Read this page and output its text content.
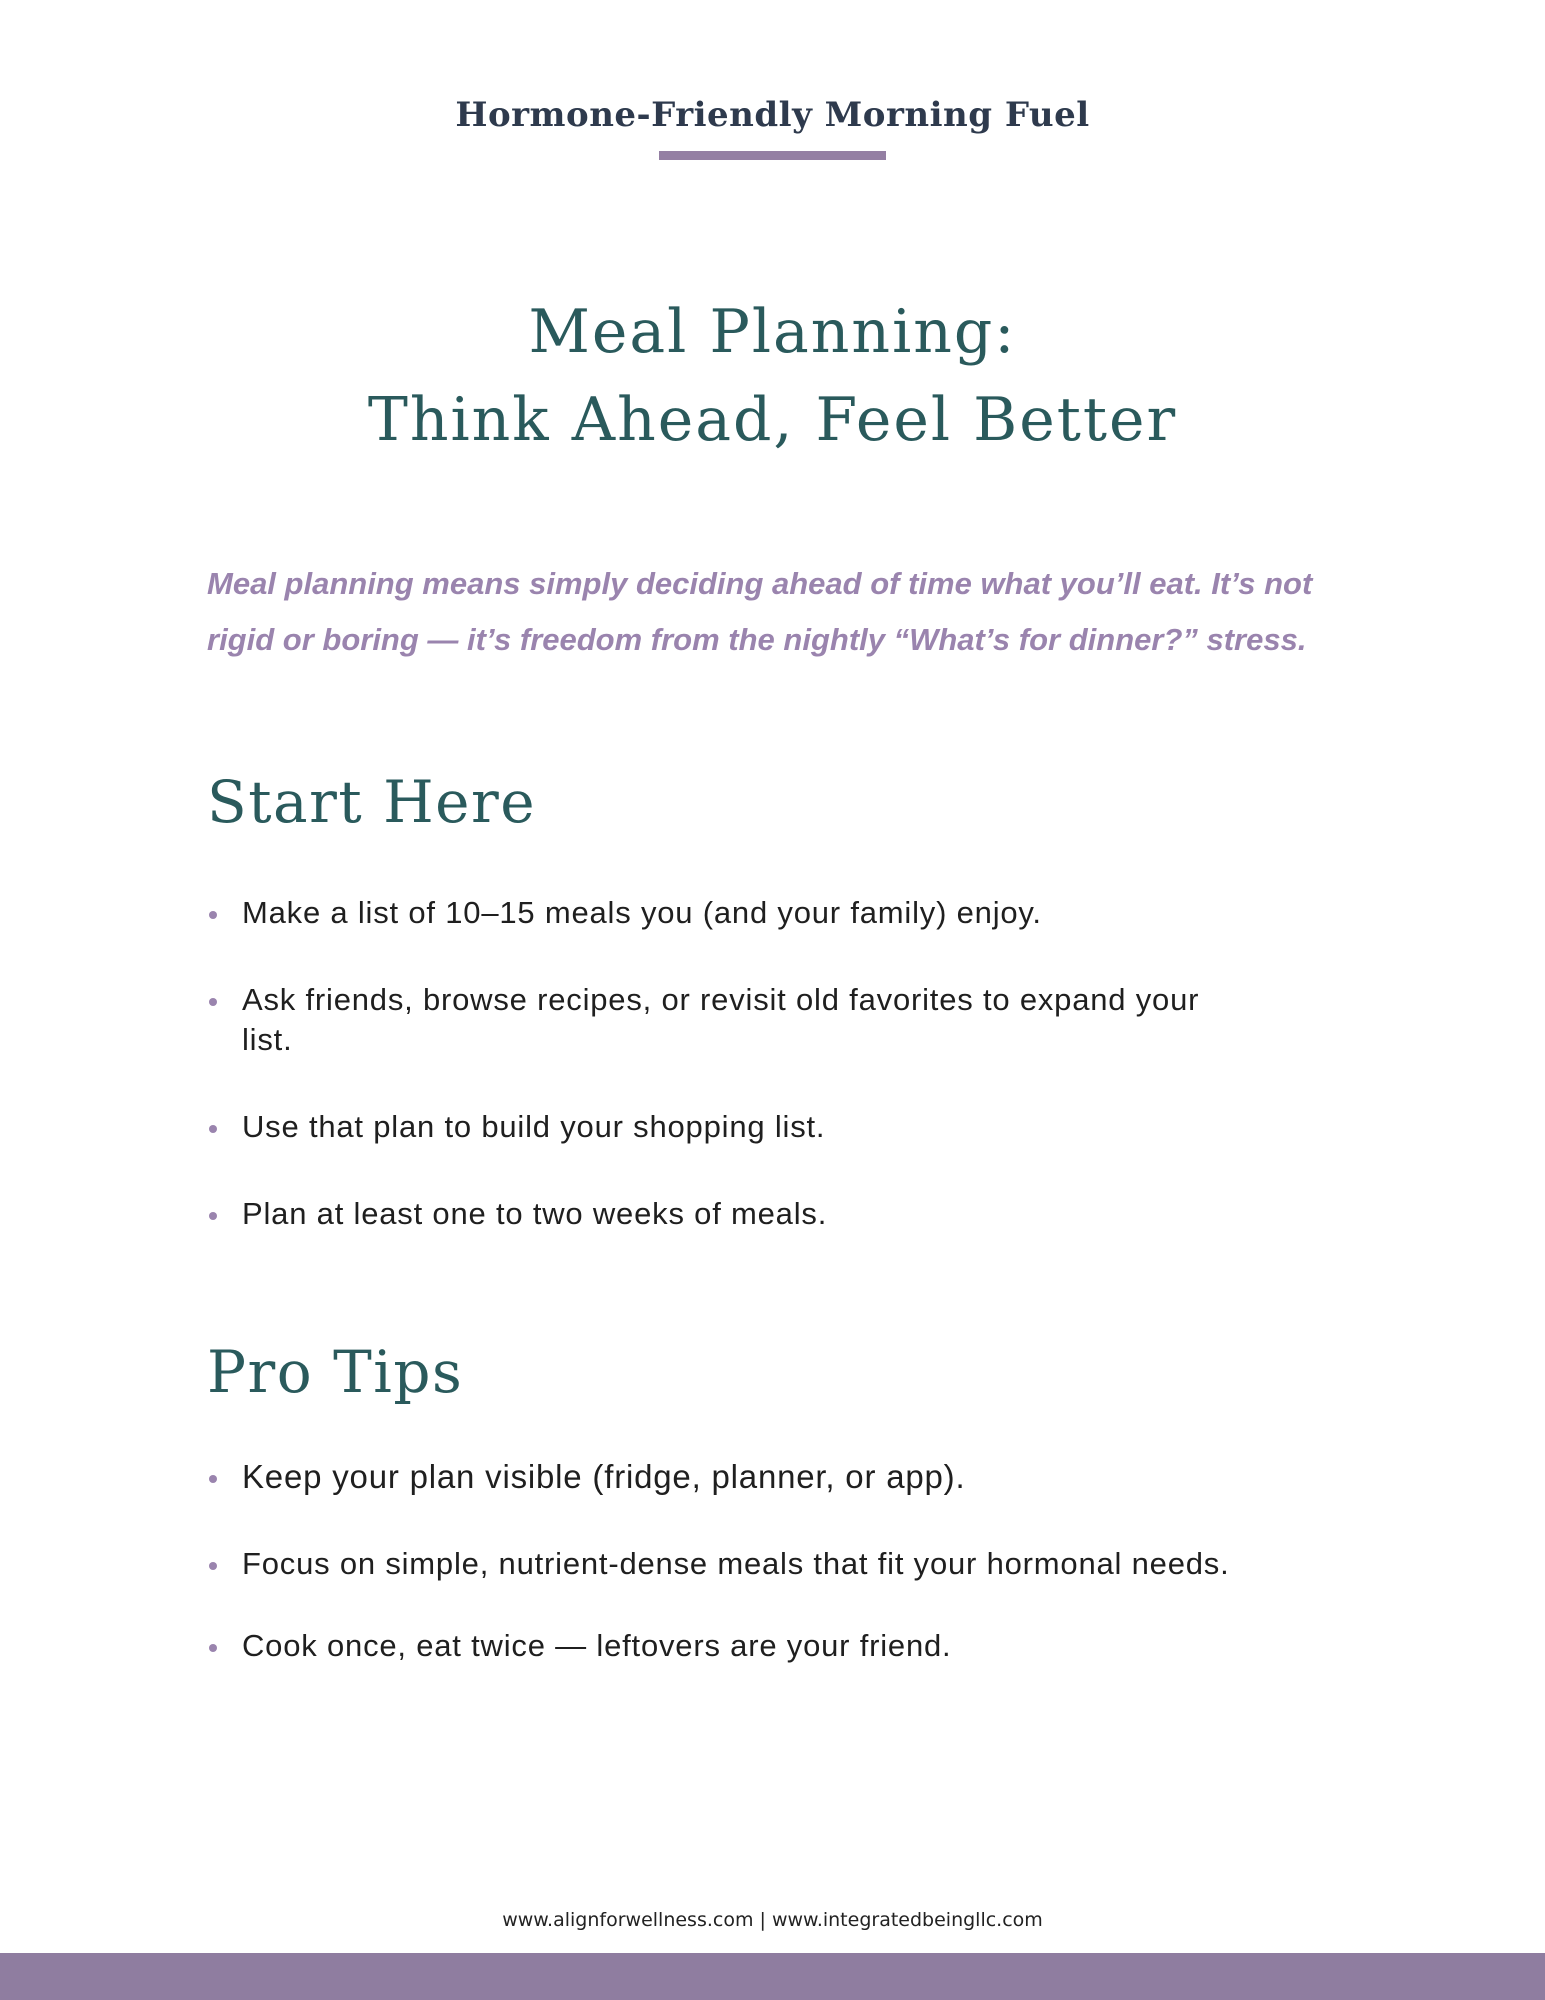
Hormone-Friendly Morning Fuel
Meal Planning:
Think Ahead, Feel Better
Meal planning means simply deciding ahead of time what you’ll eat. It’s not rigid or boring — it’s freedom from the nightly “What’s for dinner?” stress.
Start Here
Make a list of 10–15 meals you (and your family) enjoy.
Ask friends, browse recipes, or revisit old favorites to expand your list.
Use that plan to build your shopping list.
Plan at least one to two weeks of meals.
Pro Tips
Keep your plan visible (fridge, planner, or app).
Focus on simple, nutrient-dense meals that fit your hormonal needs.
Cook once, eat twice — leftovers are your friend.
www.alignforwellness.com | www.integratedbeingllc.com
